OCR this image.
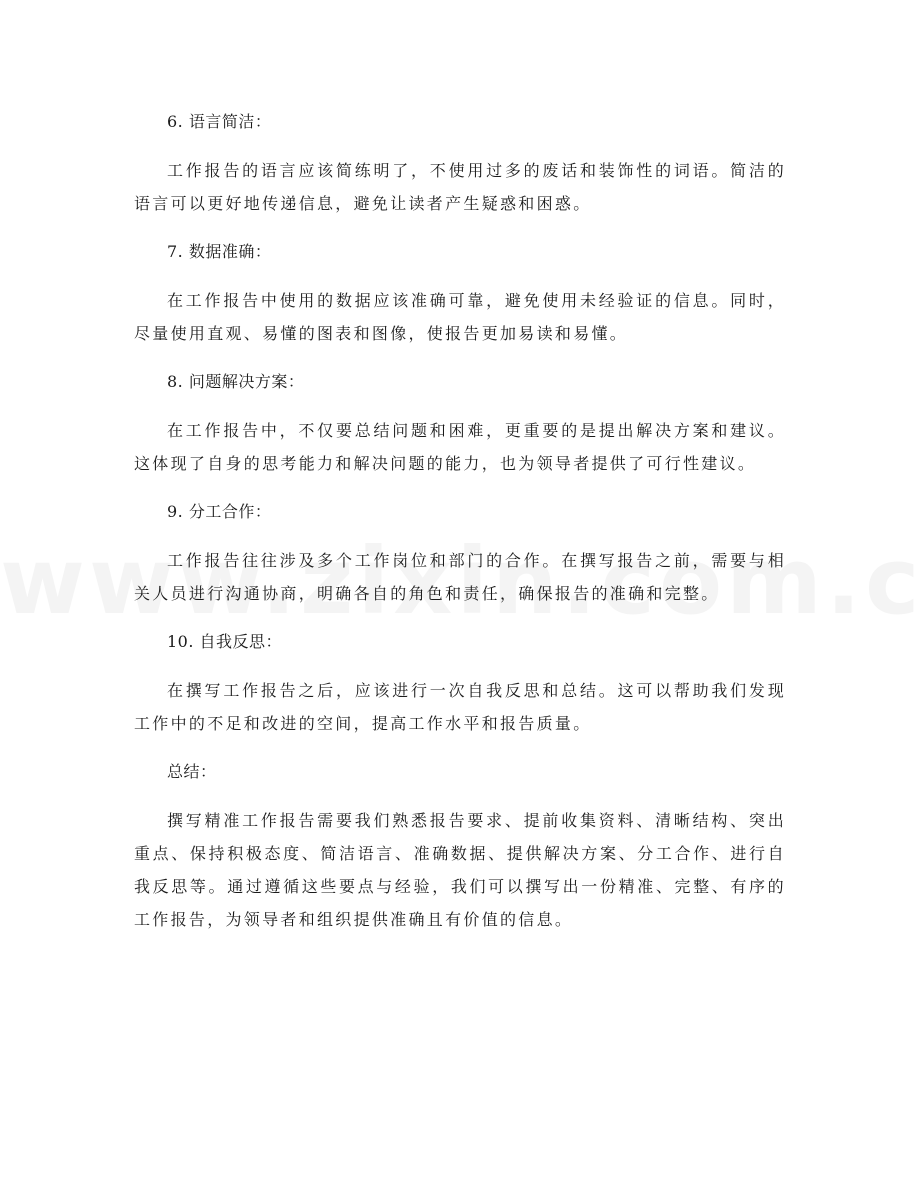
6. 语言简洁：

工作报告的语言应该简练明了，不使用过多的废话和装饰性的词语。简洁的语言可以更好地传递信息，避免让读者产生疑惑和困惑。

7. 数据准确：

在工作报告中使用的数据应该准确可靠，避免使用未经验证的信息。同时，尽量使用直观、易懂的图表和图像，使报告更加易读和易懂。

8. 问题解决方案：

在工作报告中，不仅要总结问题和困难，更重要的是提出解决方案和建议。这体现了自身的思考能力和解决问题的能力，也为领导者提供了可行性建议。

9. 分工合作：

工作报告往往涉及多个工作岗位和部门的合作。在撰写报告之前，需要与相关人员进行沟通协商，明确各自的角色和责任，确保报告的准确和完整。

10. 自我反思：

在撰写工作报告之后，应该进行一次自我反思和总结。这可以帮助我们发现工作中的不足和改进的空间，提高工作水平和报告质量。

总结：

撰写精准工作报告需要我们熟悉报告要求、提前收集资料、清晰结构、突出重点、保持积极态度、简洁语言、准确数据、提供解决方案、分工合作、进行自我反思等。通过遵循这些要点与经验，我们可以撰写出一份精准、完整、有序的工作报告，为领导者和组织提供准确且有价值的信息。
